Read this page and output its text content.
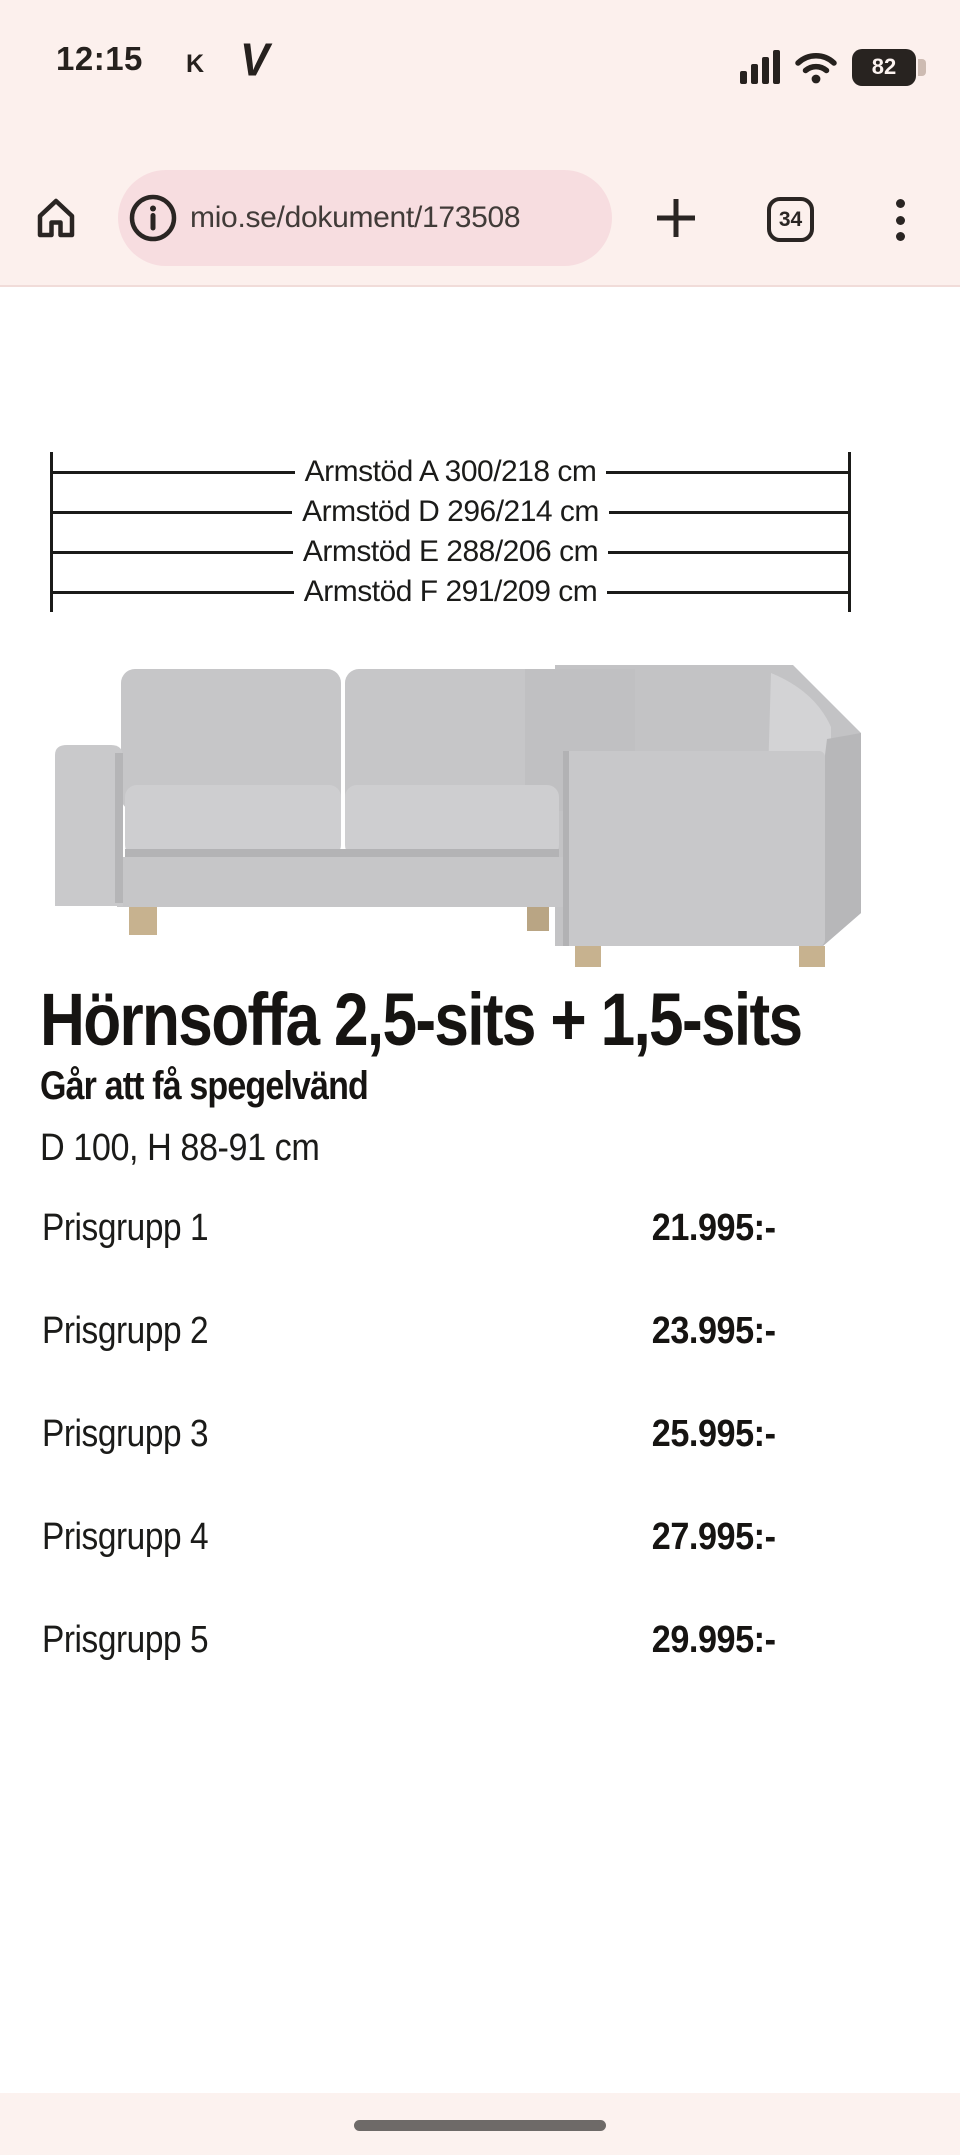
12:15 K V	82
mio.se/dokument/173508	34
Armstöd A 300/218 cm
Armstöd D 296/214 cm
Armstöd E 288/206 cm
Armstöd F 291/209 cm
Hörnsoffa 2,5-sits + 1,5-sits
Går att få spegelvänd
D 100, H 88-91 cm
Prisgrupp 1	21.995:-
Prisgrupp 2	23.995:-
Prisgrupp 3	25.995:-
Prisgrupp 4	27.995:-
Prisgrupp 5	29.995:-
